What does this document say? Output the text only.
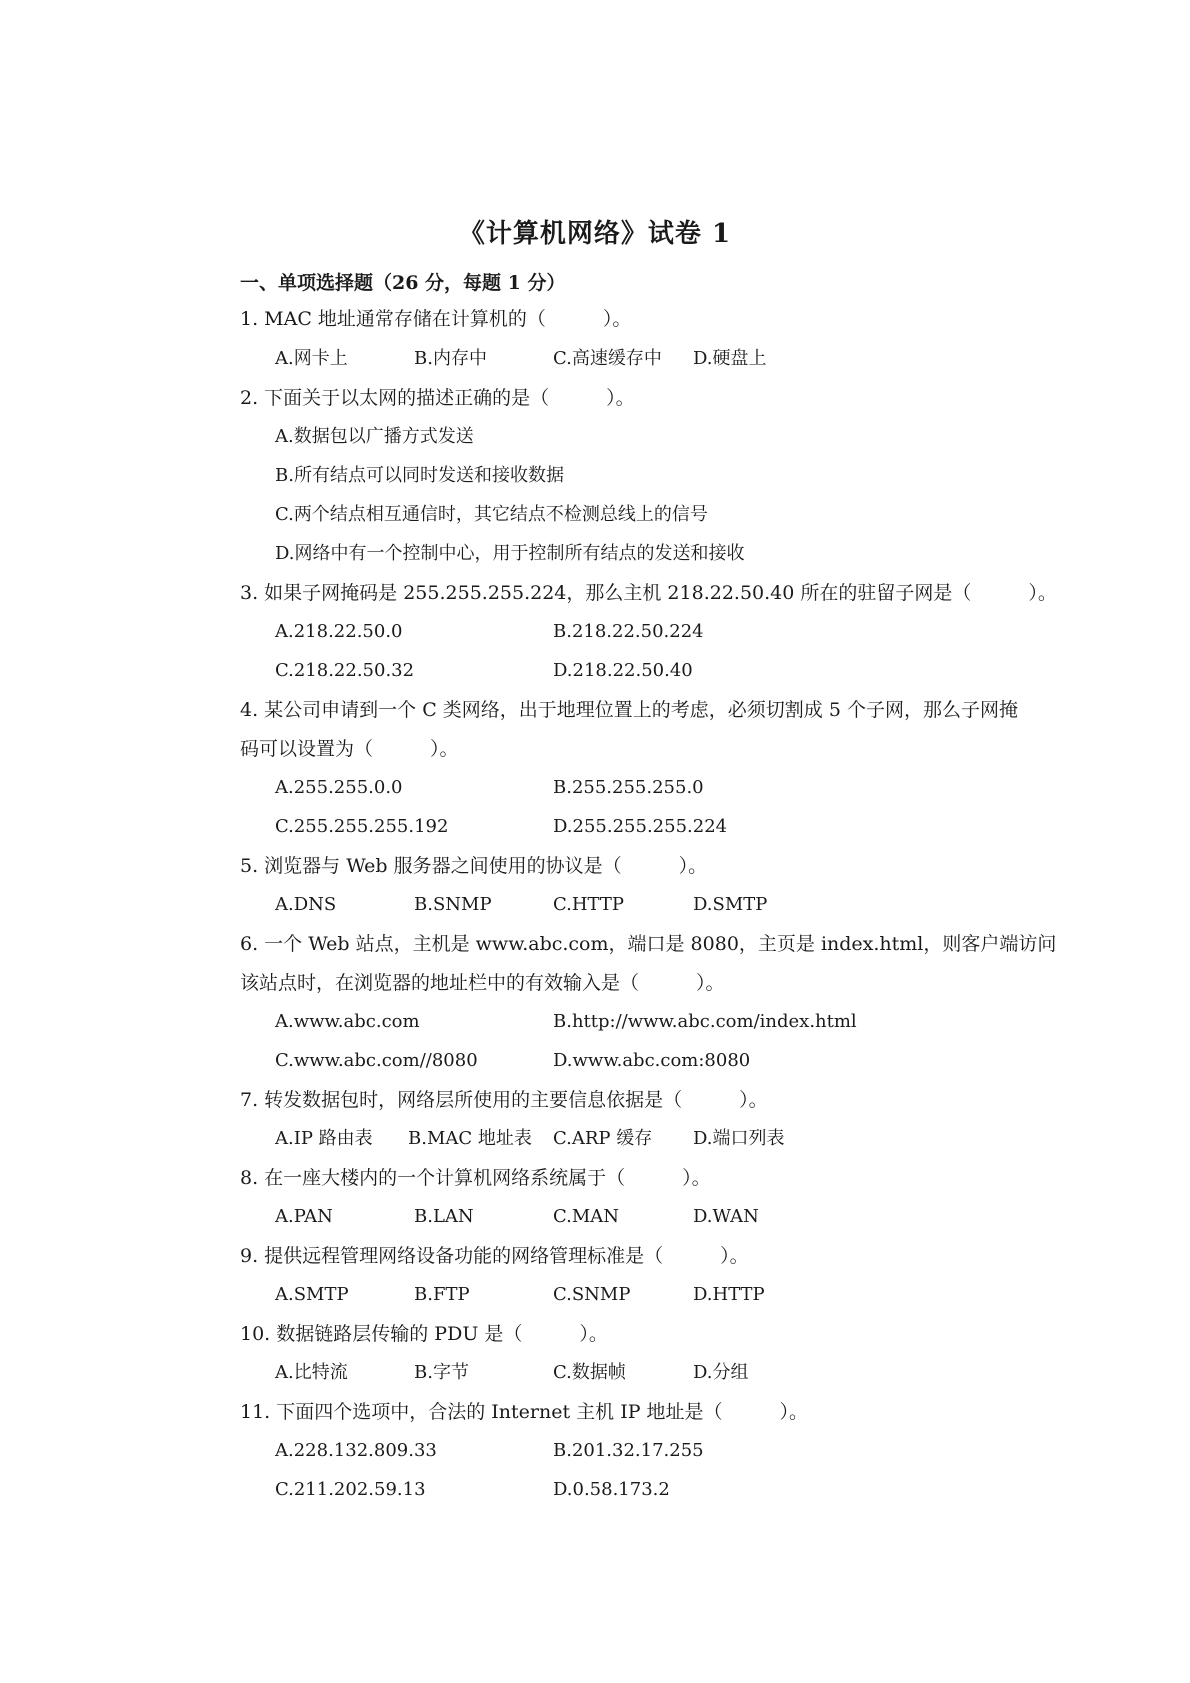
《计算机网络》试卷 1
一、单项选择题（26 分，每题 1 分）
1. MAC 地址通常存储在计算机的（　　　）。
A.网卡上	B.内存中	C.高速缓存中 D.硬盘上
2. 下面关于以太网的描述正确的是（　　　）。
A.数据包以广播方式发送
B.所有结点可以同时发送和接收数据
C.两个结点相互通信时，其它结点不检测总线上的信号
D.网络中有一个控制中心，用于控制所有结点的发送和接收
3. 如果子网掩码是 255.255.255.224，那么主机 218.22.50.40 所在的驻留子网是（　　　）。
A.218.22.50.0	B.218.22.50.224
C.218.22.50.32	D.218.22.50.40
4. 某公司申请到一个 C 类网络，出于地理位置上的考虑，必须切割成 5 个子网，那么子网掩
码可以设置为（　　　）。
A.255.255.0.0	B.255.255.255.0
C.255.255.255.192	D.255.255.255.224
5. 浏览器与 Web 服务器之间使用的协议是（　　　）。
A.DNS	B.SNMP	C.HTTP	D.SMTP
6. 一个 Web 站点，主机是 www.abc.com，端口是 8080，主页是 index.html，则客户端访问
该站点时，在浏览器的地址栏中的有效输入是（　　　）。
A.www.abc.com	B.http://www.abc.com/index.html
C.www.abc.com//8080	D.www.abc.com:8080
7. 转发数据包时，网络层所使用的主要信息依据是（　　　）。
A.IP 路由表 B.MAC 地址表 C.ARP 缓存 D.端口列表
8. 在一座大楼内的一个计算机网络系统属于（　　　）。
A.PAN	B.LAN	C.MAN	D.WAN
9. 提供远程管理网络设备功能的网络管理标准是（　　　）。
A.SMTP	B.FTP	C.SNMP	D.HTTP
10. 数据链路层传输的 PDU 是（　　　）。
A.比特流	B.字节	C.数据帧	D.分组
11. 下面四个选项中，合法的 Internet 主机 IP 地址是（　　　）。
A.228.132.809.33	B.201.32.17.255
C.211.202.59.13	D.0.58.173.2
